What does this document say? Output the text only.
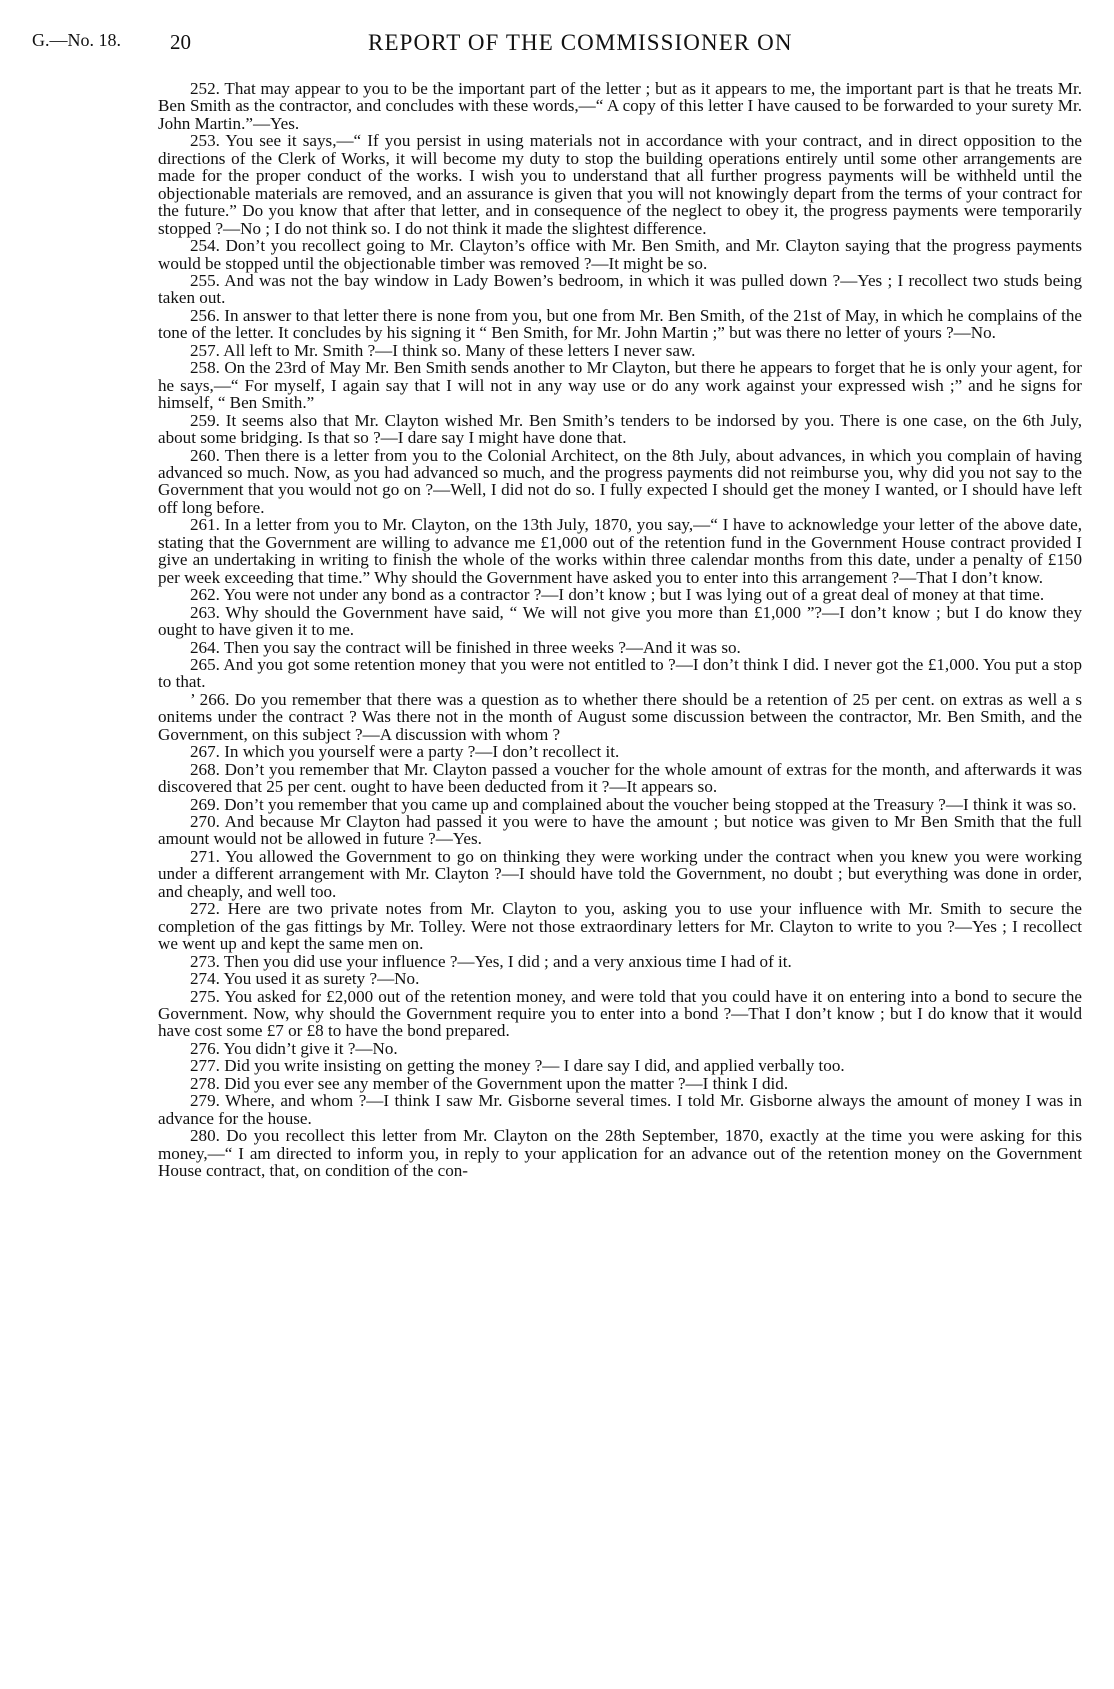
G.—No. 18. 20	REPORT OF THE COMMISSIONER ON

252. That may appear to you to be the important part of the letter ; but as it appears to me, the important part is that he treats Mr. Ben Smith as the contractor, and concludes with these words,—“ A copy of this letter I have caused to be forwarded to your surety Mr. John Martin.”—Yes.

253. You see it says,—“ If you persist in using materials not in accordance with your contract, and in direct opposition to the directions of the Clerk of Works, it will become my duty to stop the building operations entirely until some other arrangements are made for the proper conduct of the works. I wish you to understand that all further progress payments will be withheld until the objectionable materials are removed, and an assurance is given that you will not knowingly depart from the terms of your contract for the future.” Do you know that after that letter, and in consequence of the neglect to obey it, the progress payments were temporarily stopped ?—No ; I do not think so. I do not think it made the slightest difference.

254. Don’t you recollect going to Mr. Clayton’s office with Mr. Ben Smith, and Mr. Clayton saying that the progress payments would be stopped until the objectionable timber was removed ?—It might be so.

255. And was not the bay window in Lady Bowen’s bedroom, in which it was pulled down ?—Yes ; I recollect two studs being taken out.

256. In answer to that letter there is none from you, but one from Mr. Ben Smith, of the 21st of May, in which he complains of the tone of the letter. It concludes by his signing it “ Ben Smith, for Mr. John Martin ;” but was there no letter of yours ?—No.

257. All left to Mr. Smith ?—I think so. Many of these letters I never saw.

258. On the 23rd of May Mr. Ben Smith sends another to Mr Clayton, but there he appears to forget that he is only your agent, for he says,—“ For myself, I again say that I will not in any way use or do any work against your expressed wish ;” and he signs for himself, “ Ben Smith.”

259. It seems also that Mr. Clayton wished Mr. Ben Smith’s tenders to be indorsed by you. There is one case, on the 6th July, about some bridging. Is that so ?—I dare say I might have done that.

260. Then there is a letter from you to the Colonial Architect, on the 8th July, about advances, in which you complain of having advanced so much. Now, as you had advanced so much, and the progress payments did not reimburse you, why did you not say to the Government that you would not go on ?—Well, I did not do so. I fully expected I should get the money I wanted, or I should have left off long before.

261. In a letter from you to Mr. Clayton, on the 13th July, 1870, you say,—“ I have to acknowledge your letter of the above date, stating that the Government are willing to advance me £1,000 out of the retention fund in the Government House contract provided I give an undertaking in writing to finish the whole of the works within three calendar months from this date, under a penalty of £150 per week exceeding that time.” Why should the Government have asked you to enter into this arrangement ?—That I don’t know.

262. You were not under any bond as a contractor ?—I don’t know ; but I was lying out of a great deal of money at that time.

263. Why should the Government have said, “ We will not give you more than £1,000 ”?—I don’t know ; but I do know they ought to have given it to me.

264. Then you say the contract will be finished in three weeks ?—And it was so.

265. And you got some retention money that you were not entitled to ?—I don’t think I did. I never got the £1,000. You put a stop to that.

’ 266. Do you remember that there was a question as to whether there should be a retention of 25 per cent. on extras as well a s onitems under the contract ? Was there not in the month of August some discussion between the contractor, Mr. Ben Smith, and the Government, on this subject ?—A discussion with whom ?

267. In which you yourself were a party ?—I don’t recollect it.

268. Don’t you remember that Mr. Clayton passed a voucher for the whole amount of extras for the month, and afterwards it was discovered that 25 per cent. ought to have been deducted from it ?—It appears so.

269. Don’t you remember that you came up and complained about the voucher being stopped at the Treasury ?—I think it was so.

270. And because Mr Clayton had passed it you were to have the amount ; but notice was given to Mr Ben Smith that the full amount would not be allowed in future ?—Yes.

271. You allowed the Government to go on thinking they were working under the contract when you knew you were working under a different arrangement with Mr. Clayton ?—I should have told the Government, no doubt ; but everything was done in order, and cheaply, and well too.

272. Here are two private notes from Mr. Clayton to you, asking you to use your influence with Mr. Smith to secure the completion of the gas fittings by Mr. Tolley. Were not those extraordinary letters for Mr. Clayton to write to you ?—Yes ; I recollect we went up and kept the same men on.

273. Then you did use your influence ?—Yes, I did ; and a very anxious time I had of it.

274. You used it as surety ?—No.

275. You asked for £2,000 out of the retention money, and were told that you could have it on entering into a bond to secure the Government. Now, why should the Government require you to enter into a bond ?—That I don’t know ; but I do know that it would have cost some £7 or £8 to have the bond prepared.

276. You didn’t give it ?—No.

277. Did you write insisting on getting the money ?— I dare say I did, and applied verbally too.

278. Did you ever see any member of the Government upon the matter ?—I think I did.

279. Where, and whom ?—I think I saw Mr. Gisborne several times. I told Mr. Gisborne always the amount of money I was in advance for the house.

280. Do you recollect this letter from Mr. Clayton on the 28th September, 1870, exactly at the time you were asking for this money,—“ I am directed to inform you, in reply to your application for an advance out of the retention money on the Government House contract, that, on condition of the con-
